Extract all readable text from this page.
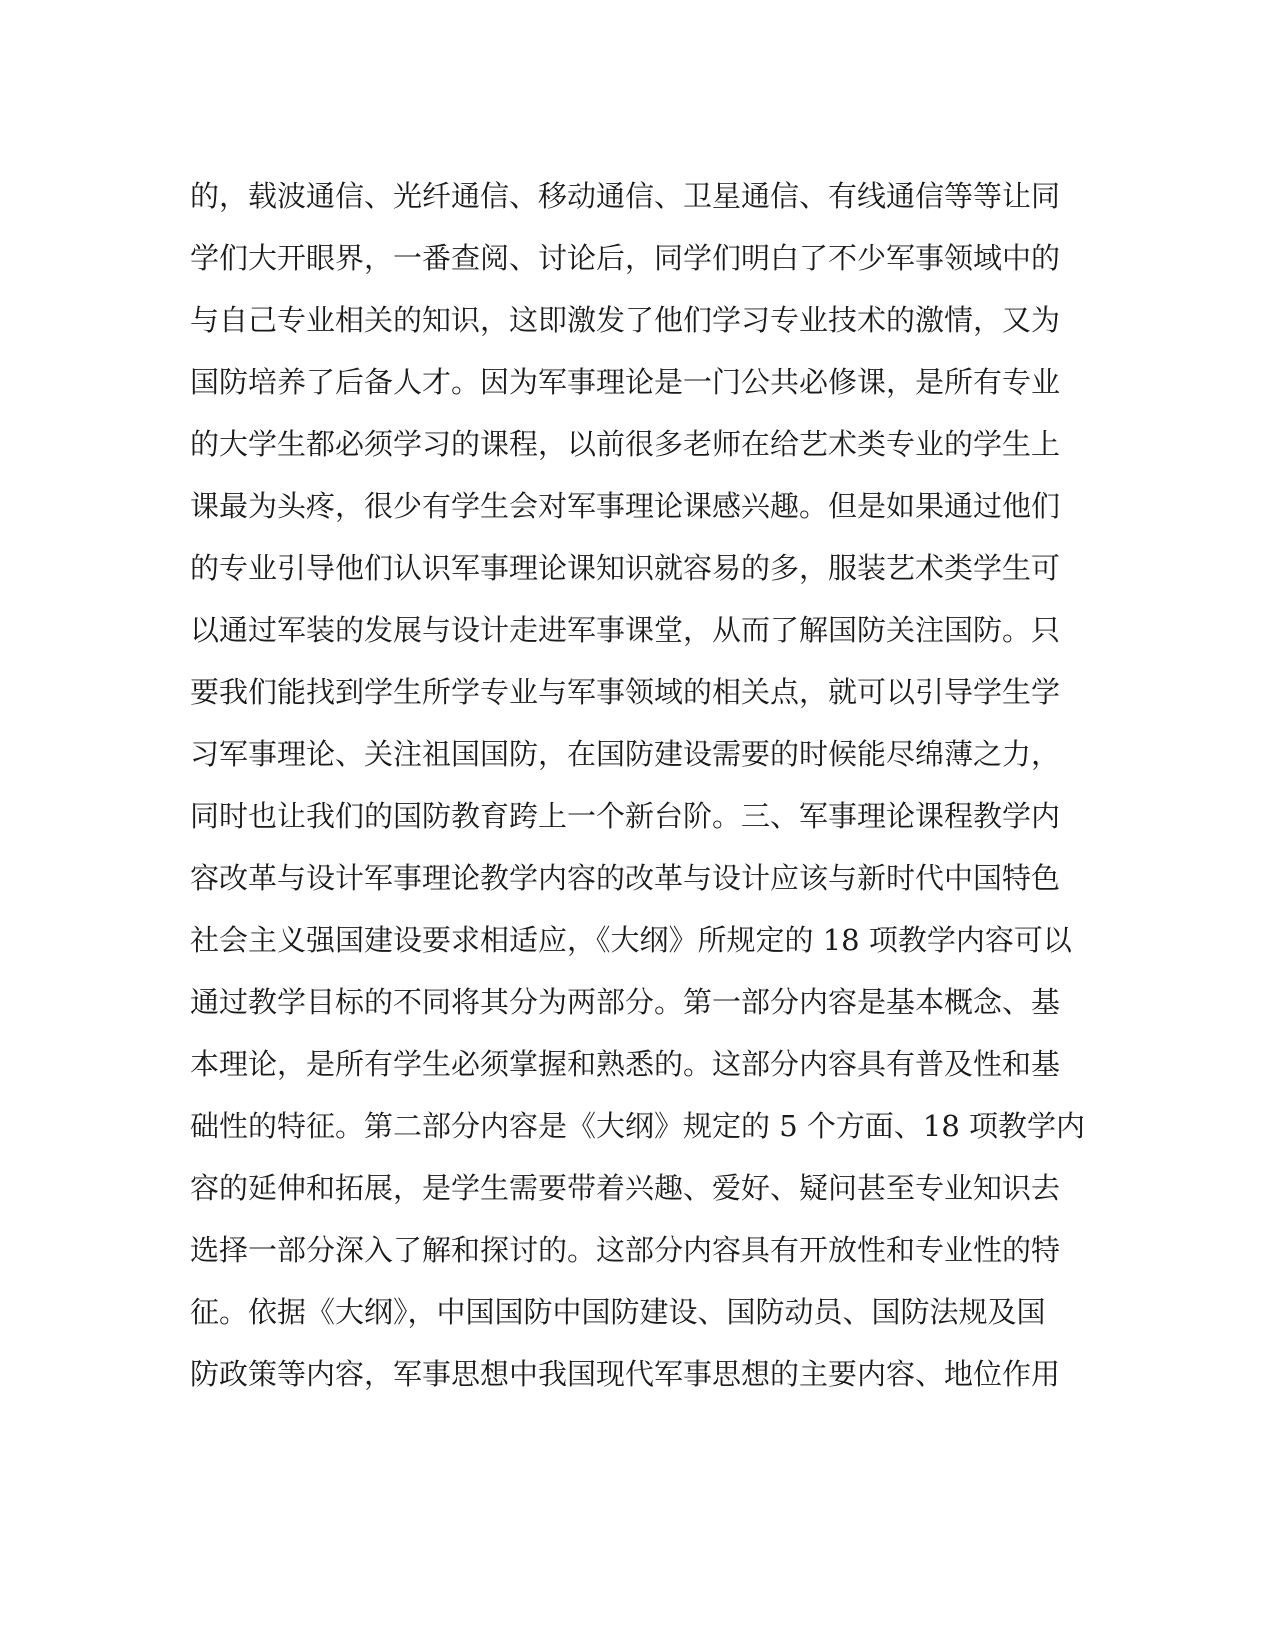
的，载波通信、光纤通信、移动通信、卫星通信、有线通信等等让同
学们大开眼界，一番查阅、讨论后，同学们明白了不少军事领域中的
与自己专业相关的知识，这即激发了他们学习专业技术的激情，又为
国防培养了后备人才。因为军事理论是一门公共必修课，是所有专业
的大学生都必须学习的课程，以前很多老师在给艺术类专业的学生上
课最为头疼，很少有学生会对军事理论课感兴趣。但是如果通过他们
的专业引导他们认识军事理论课知识就容易的多，服装艺术类学生可
以通过军装的发展与设计走进军事课堂，从而了解国防关注国防。只
要我们能找到学生所学专业与军事领域的相关点，就可以引导学生学
习军事理论、关注祖国国防，在国防建设需要的时候能尽绵薄之力，
同时也让我们的国防教育跨上一个新台阶。三、军事理论课程教学内
容改革与设计军事理论教学内容的改革与设计应该与新时代中国特色
社会主义强国建设要求相适应，《大纲》所规定的 18 项教学内容可以
通过教学目标的不同将其分为两部分。第一部分内容是基本概念、基
本理论，是所有学生必须掌握和熟悉的。这部分内容具有普及性和基
础性的特征。第二部分内容是《大纲》规定的 5 个方面、18 项教学内
容的延伸和拓展，是学生需要带着兴趣、爱好、疑问甚至专业知识去
选择一部分深入了解和探讨的。这部分内容具有开放性和专业性的特
征。依据《大纲》，中国国防中国防建设、国防动员、国防法规及国
防政策等内容，军事思想中我国现代军事思想的主要内容、地位作用
